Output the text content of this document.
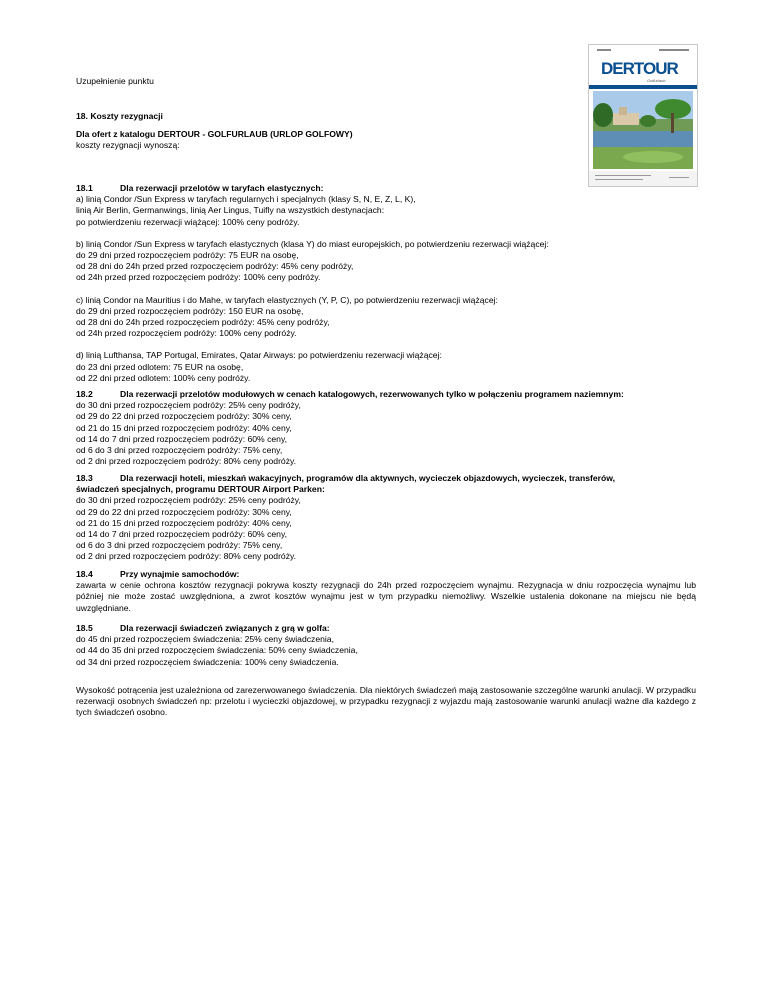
DERTOUR
Golfurlaub

Uzupełnienie punktu

18. Koszty rezygnacji

Dla ofert z katalogu DERTOUR - GOLFURLAUB (URLOP GOLFOWY)

koszty rezygnacji wynoszą:

18.1	Dla rezerwacji przelotów w taryfach elastycznych:

a) linią Condor /Sun Express w taryfach regularnych i specjalnych (klasy S, N, E, Z, L, K),

linią Air Berlin, Germanwings, linią Aer Lingus, Tuifly na wszystkich destynacjach:

po potwierdzeniu rezerwacji wiążącej: 100% ceny podróży.

b) linią Condor /Sun Express w taryfach elastycznych (klasa Y) do miast europejskich, po potwierdzeniu rezerwacji wiążącej:

do 29 dni przed rozpoczęciem podróży: 75 EUR na osobę,

od 28 dni do 24h przed przed rozpoczęciem podróży: 45% ceny podróży,

od 24h przed przed rozpoczęciem podróży: 100% ceny podróży.

c) linią Condor na Mauritius i do Mahe, w taryfach elastycznych (Y, P, C), po potwierdzeniu rezerwacji wiążącej:

do 29 dni przed rozpoczęciem podróży: 150 EUR na osobę,

od 28 dni do 24h przed rozpoczęciem podróży: 45% ceny podróży,

od 24h przed rozpoczęciem podróży: 100% ceny podróży.

d) linią Lufthansa, TAP Portugal, Emirates, Qatar Airways: po potwierdzeniu rezerwacji wiążącej:

do 23 dni przed odlotem: 75 EUR na osobę,

od 22 dni przed odlotem: 100% ceny podróży.

18.2	Dla rezerwacji przelotów modułowych w cenach katalogowych, rezerwowanych tylko w połączeniu programem naziemnym:

do 30 dni przed rozpoczęciem podróży: 25% ceny podróży,

od 29 do 22 dni przed rozpoczęciem podróży: 30% ceny,

od 21 do 15 dni przed rozpoczęciem podróży: 40% ceny,

od 14 do 7 dni przed rozpoczęciem podróży: 60% ceny,

od 6 do 3 dni przed rozpoczęciem podróży: 75% ceny,

od 2 dni przed rozpoczęciem podróży: 80% ceny podróży.

18.3	Dla rezerwacji hoteli, mieszkań wakacyjnych, programów dla aktywnych, wycieczek objazdowych, wycieczek, transferów,

świadczeń specjalnych, programu DERTOUR Airport Parken:

do 30 dni przed rozpoczęciem podróży: 25% ceny podróży,

od 29 do 22 dni przed rozpoczęciem podróży: 30% ceny,

od 21 do 15 dni przed rozpoczęciem podróży: 40% ceny,

od 14 do 7 dni przed rozpoczęciem podróży: 60% ceny,

od 6 do 3 dni przed rozpoczęciem podróży: 75% ceny,

od 2 dni przed rozpoczęciem podróży: 80% ceny podróży.

18.4	Przy wynajmie samochodów:

zawarta w cenie ochrona kosztów rezygnacji pokrywa koszty rezygnacji do 24h przed rozpoczęciem wynajmu. Rezygnacja w dniu rozpoczęcia wynajmu lub później nie może zostać uwzględniona, a zwrot kosztów wynajmu jest w tym przypadku niemożliwy. Wszelkie ustalenia dokonane na miejscu nie będą uwzględniane.

18.5	Dla rezerwacji świadczeń związanych z grą w golfa:

do 45 dni przed rozpoczęciem świadczenia: 25% ceny świadczenia,

od 44 do 35 dni przed rozpoczęciem świadczenia: 50% ceny świadczenia,

od 34 dni przed rozpoczęciem świadczenia: 100% ceny świadczenia.

Wysokość potrącenia jest uzależniona od zarezerwowanego świadczenia. Dla niektórych świadczeń mają zastosowanie szczególne warunki anulacji. W przypadku rezerwacji osobnych świadczeń np: przelotu i wycieczki objazdowej, w przypadku rezygnacji z wyjazdu mają zastosowanie warunki anulacji ważne dla każdego z tych świadczeń osobno.
